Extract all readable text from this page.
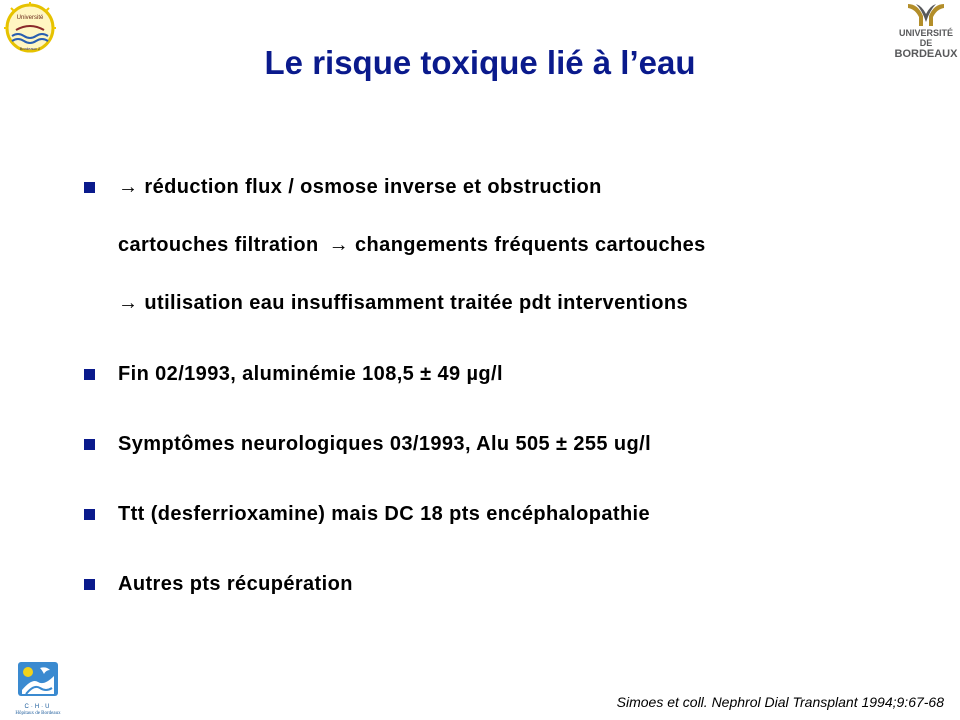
Université
Bordeaux 2
UNIVERSITÉ DE
BORDEAUX
Le risque toxique lié à l’eau
→ réduction flux / osmose inverse et obstruction
cartouches filtration → changements fréquents cartouches
→ utilisation eau insuffisamment traitée pdt interventions
Fin 02/1993, aluminémie 108,5 ± 49 µg/l
Symptômes neurologiques 03/1993, Alu 505 ± 255 ug/l
Ttt (desferrioxamine) mais DC 18 pts encéphalopathie
Autres pts récupération
C·H·U
Hôpitaux de Bordeaux
Simoes et coll. Nephrol Dial Transplant 1994;9:67-68
